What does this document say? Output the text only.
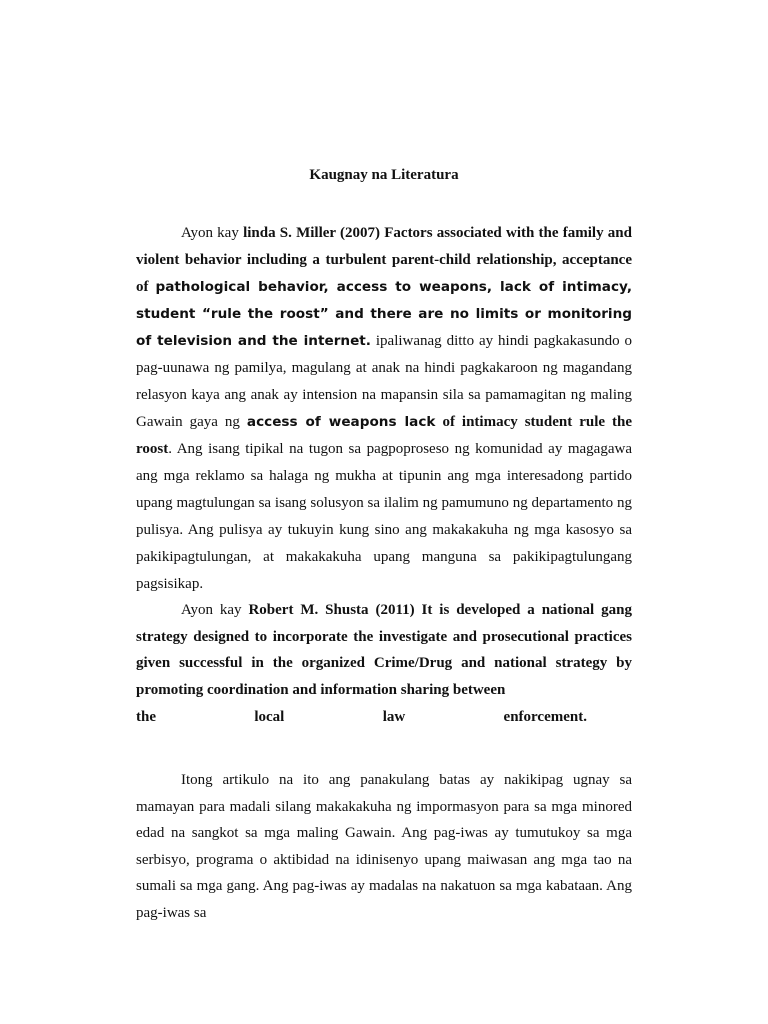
Kaugnay na Literatura
Ayon kay linda S. Miller (2007) Factors associated with the family and violent behavior including a turbulent parent-child relationship, acceptance of pathological behavior, access to weapons, lack of intimacy, student “rule the roost” and there are no limits or monitoring of television and the internet. ipaliwanag ditto ay hindi pagkakasundo o pag-uunawa ng pamilya, magulang at anak na hindi pagkakaroon ng magandang relasyon kaya ang anak ay intension na mapansin sila sa pamamagitan ng maling Gawain gaya ng access of weapons lack of intimacy student rule the roost. Ang isang tipikal na tugon sa pagpoproseso ng komunidad ay magagawa ang mga reklamo sa halaga ng mukha at tipunin ang mga interesadong partido upang magtulungan sa isang solusyon sa ilalim ng pamumuno ng departamento ng pulisya. Ang pulisya ay tukuyin kung sino ang makakakuha ng mga kasosyo sa pakikipagtulungan, at makakakuha upang manguna sa pakikipagtulungang pagsisikap.
Ayon kay Robert M. Shusta (2011) It is developed a national gang strategy designed to incorporate the investigate and prosecutional practices given successful in the organized Crime/Drug and national strategy by promoting coordination and information sharing between
the	local	law	enforcement.
Itong artikulo na ito ang panakulang batas ay nakikipag ugnay sa mamayan para madali silang makakakuha ng impormasyon para sa mga minored edad na sangkot sa mga maling Gawain. Ang pag-iwas ay tumutukoy sa mga serbisyo, programa o aktibidad na idinisenyo upang maiwasan ang mga tao na sumali sa mga gang. Ang pag-iwas ay madalas na nakatuon sa mga kabataan. Ang pag-iwas sa
